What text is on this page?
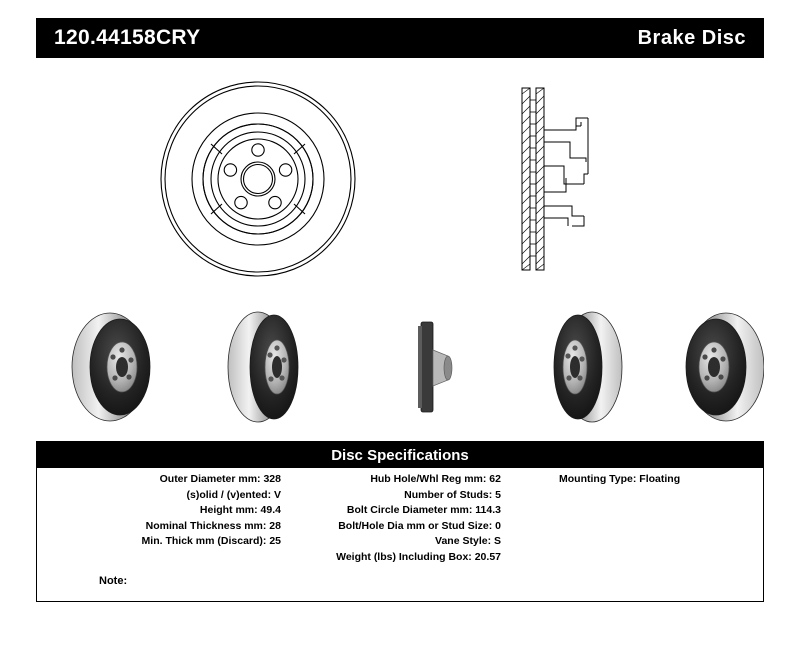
120.44158CRY	Brake Disc
Disc Specifications
Outer Diameter mm: 328
(s)olid / (v)ented: V
Height mm: 49.4
Nominal Thickness mm: 28
Min. Thick mm (Discard): 25
Hub Hole/Whl Reg mm: 62
Number of Studs: 5
Bolt Circle Diameter mm: 114.3
Bolt/Hole Dia mm or Stud Size: 0
Vane Style: S
Weight (lbs) Including Box: 20.57
Mounting Type: Floating
Note:
